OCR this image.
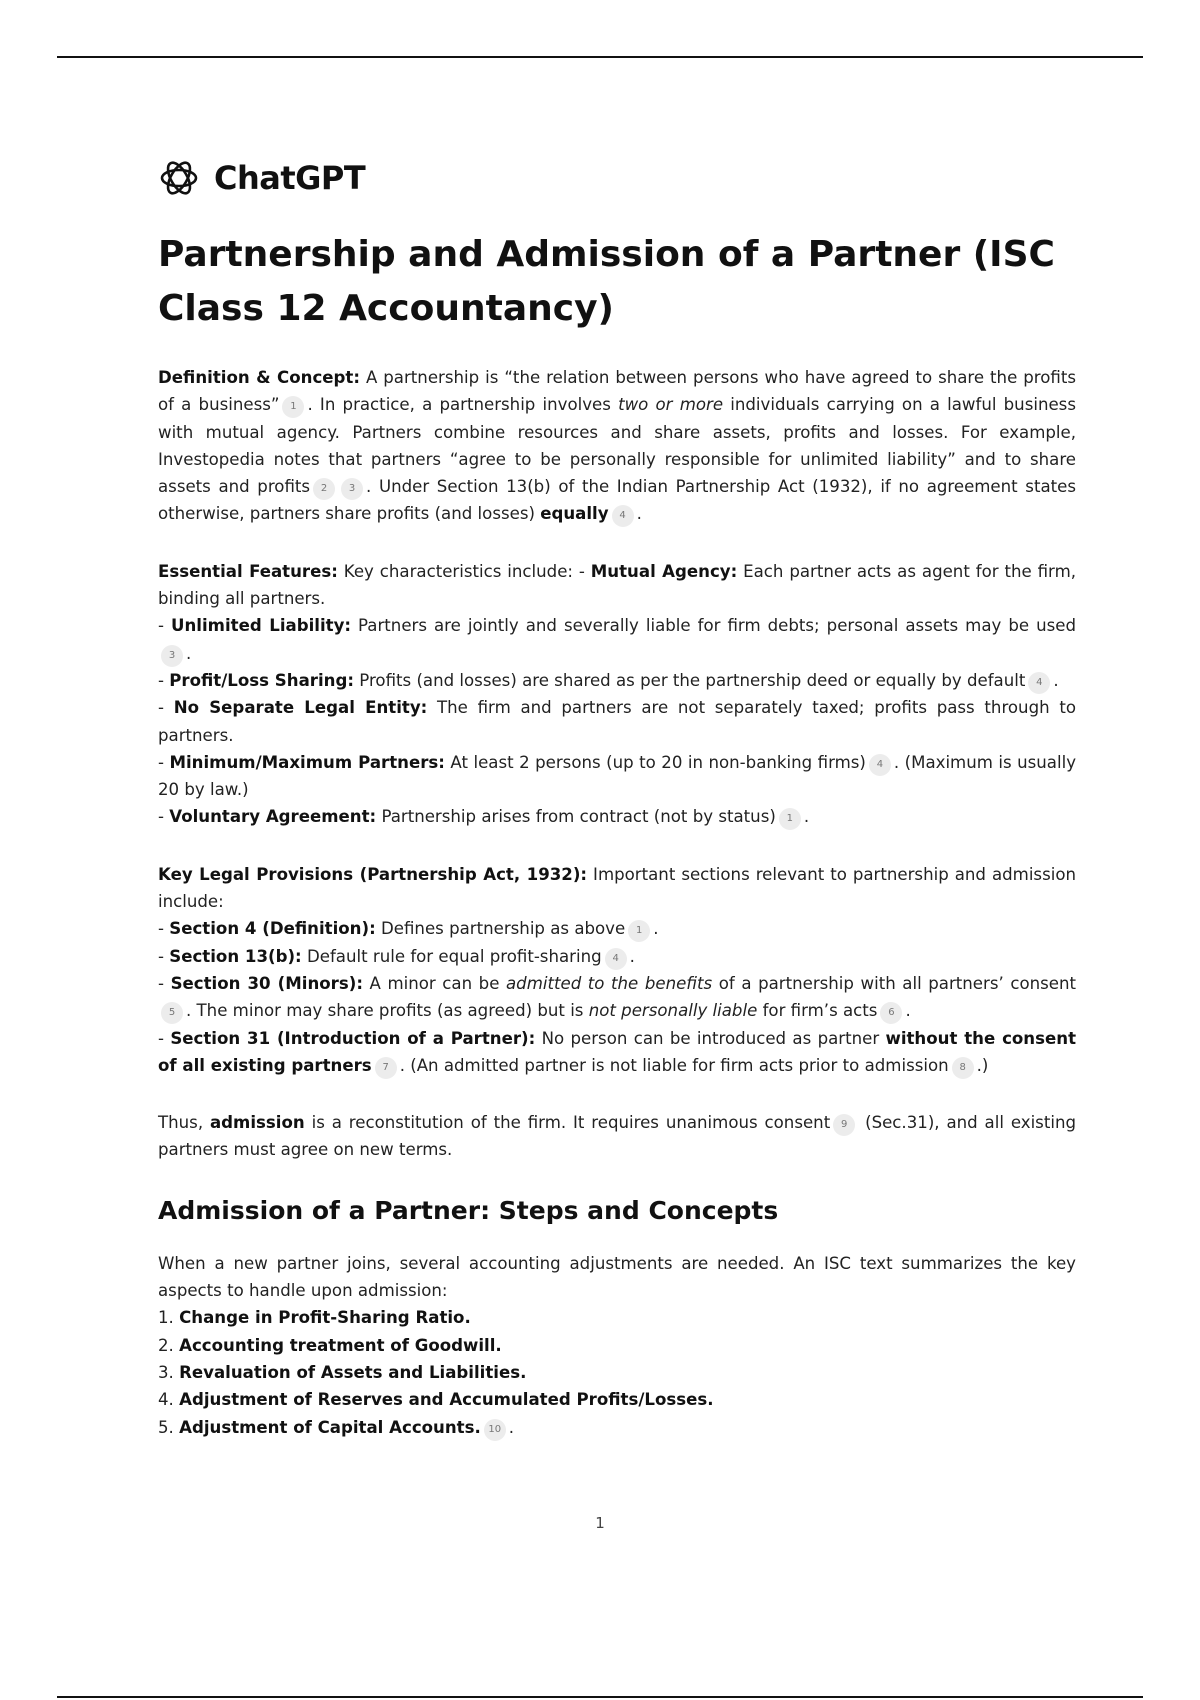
ChatGPT
Partnership and Admission of a Partner (ISC Class 12 Accountancy)

Definition & Concept: A partnership is “the relation between persons who have agreed to share the profits of a business” 1 . In practice, a partnership involves two or more individuals carrying on a lawful business with mutual agency. Partners combine resources and share assets, profits and losses. For example, Investopedia notes that partners “agree to be personally responsible for unlimited liability” and to share assets and profits 2 3 . Under Section 13(b) of the Indian Partnership Act (1932), if no agreement states otherwise, partners share profits (and losses) equally 4 .

Essential Features: Key characteristics include: - Mutual Agency: Each partner acts as agent for the firm, binding all partners.
- Unlimited Liability: Partners are jointly and severally liable for firm debts; personal assets may be used3 .
- Profit/Loss Sharing: Profits (and losses) are shared as per the partnership deed or equally by default 4 .
- No Separate Legal Entity: The firm and partners are not separately taxed; profits pass through to partners.
- Minimum/Maximum Partners: At least 2 persons (up to 20 in non-banking firms) 4 . (Maximum is usually 20 by law.)
- Voluntary Agreement: Partnership arises from contract (not by status) 1 .

Key Legal Provisions (Partnership Act, 1932): Important sections relevant to partnership and admission include:
- Section 4 (Definition): Defines partnership as above 1 .
- Section 13(b): Default rule for equal profit-sharing 4 .
- Section 30 (Minors): A minor can be admitted to the benefits of a partnership with all partners’ consent5 . The minor may share profits (as agreed) but is not personally liable for firm’s acts 6 .
- Section 31 (Introduction of a Partner): No person can be introduced as partner without the consent of all existing partners 7 . (An admitted partner is not liable for firm acts prior to admission 8 .)

Thus, admission is a reconstitution of the firm. It requires unanimous consent 9 (Sec.31), and all existing partners must agree on new terms.

Admission of a Partner: Steps and Concepts

When a new partner joins, several accounting adjustments are needed. An ISC text summarizes the key aspects to handle upon admission:
1. Change in Profit-Sharing Ratio.
2. Accounting treatment of Goodwill.
3. Revaluation of Assets and Liabilities.
4. Adjustment of Reserves and Accumulated Profits/Losses.
5. Adjustment of Capital Accounts. 10 .

1
